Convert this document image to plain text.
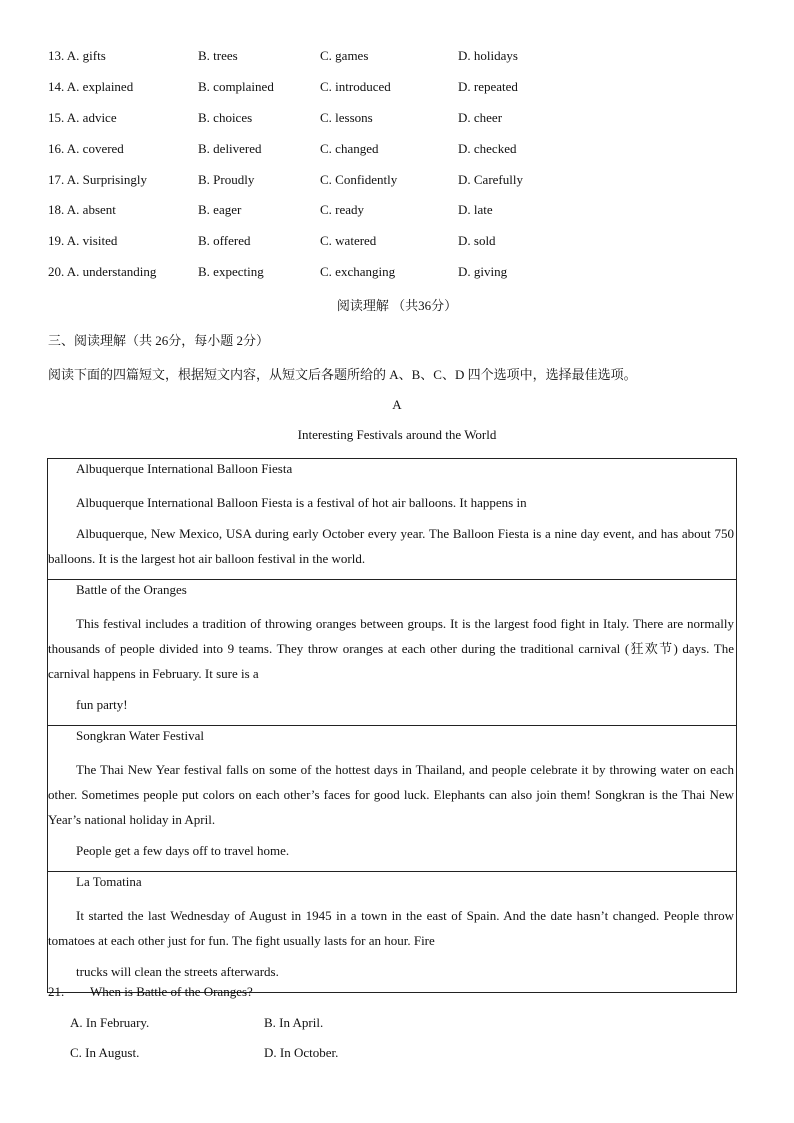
13. A. gifts	B. trees	C. games	D. holidays
14. A. explained	B. complained	C. introduced	D. repeated
15. A. advice	B. choices	C. lessons	D. cheer
16. A. covered	B. delivered	C. changed	D. checked
17. A. Surprisingly	B. Proudly	C. Confidently	D. Carefully
18. A. absent	B. eager	C. ready	D. late
19. A. visited	B. offered	C. watered	D. sold
20. A. understanding	B. expecting	C. exchanging	D. giving
阅读理解 （共36分）
三、阅读理解（共 26分，每小题 2分）
阅读下面的四篇短文，根据短文内容，从短文后各题所给的 A、B、C、D 四个选项中，选择最佳选项。
A
Interesting Festivals around the World
Albuquerque International Balloon Fiesta
Albuquerque International Balloon Fiesta is a festival of hot air balloons. It happens in
Albuquerque, New Mexico, USA during early October every year. The Balloon Fiesta is a nine day event, and has about 750 balloons. It is the largest hot air balloon festival in the world.
Battle of the Oranges
This festival includes a tradition of throwing oranges between groups. It is the largest food fight in Italy. There are normally thousands of people divided into 9 teams. They throw oranges at each other during the traditional carnival (狂欢节) days. The carnival happens in February. It sure is a
fun party!
Songkran Water Festival
The Thai New Year festival falls on some of the hottest days in Thailand, and people celebrate it by throwing water on each other. Sometimes people put colors on each other’s faces for good luck. Elephants can also join them! Songkran is the Thai New Year’s national holiday in April.
People get a few days off to travel home.
La Tomatina
It started the last Wednesday of August in 1945 in a town in the east of Spain. And the date hasn’t changed. People throw tomatoes at each other just for fun. The fight usually lasts for an hour. Fire
trucks will clean the streets afterwards.
21. When is Battle of the Oranges?
A. In February.	B. In April.
C. In August.	D. In October.
